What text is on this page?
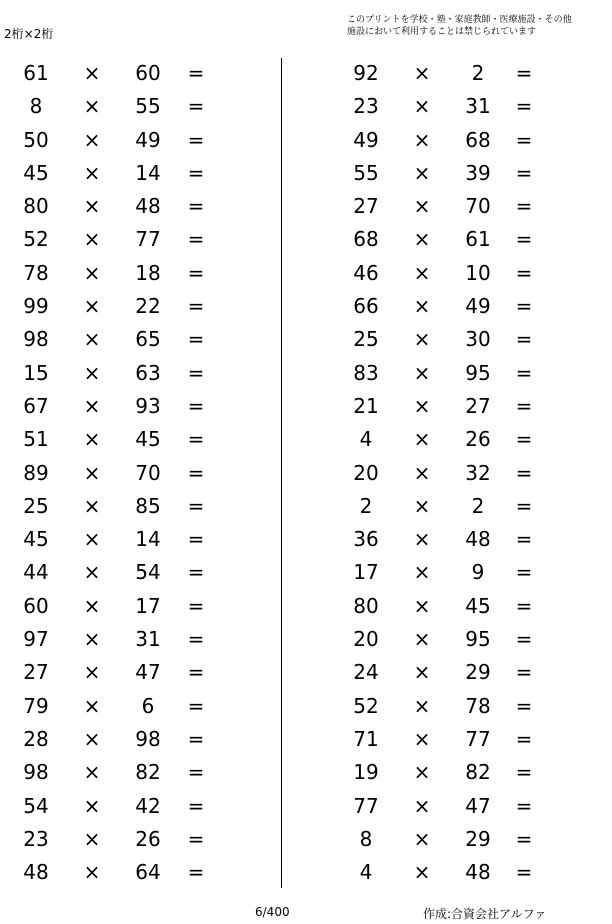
2桁×2桁
このプリントを学校・塾・家庭教師・医療施設・その他
施設において利用することは禁じられています
61	×	60	=
8	×	55	=
50	×	49	=
45	×	14	=
80	×	48	=
52	×	77	=
78	×	18	=
99	×	22	=
98	×	65	=
15	×	63	=
67	×	93	=
51	×	45	=
89	×	70	=
25	×	85	=
45	×	14	=
44	×	54	=
60	×	17	=
97	×	31	=
27	×	47	=
79	×	6	=
28	×	98	=
98	×	82	=
54	×	42	=
23	×	26	=
48	×	64	=
92	×	2	=
23	×	31	=
49	×	68	=
55	×	39	=
27	×	70	=
68	×	61	=
46	×	10	=
66	×	49	=
25	×	30	=
83	×	95	=
21	×	27	=
4	×	26	=
20	×	32	=
2	×	2	=
36	×	48	=
17	×	9	=
80	×	45	=
20	×	95	=
24	×	29	=
52	×	78	=
71	×	77	=
19	×	82	=
77	×	47	=
8	×	29	=
4	×	48	=
6/400	作成:合資会社アルファ
